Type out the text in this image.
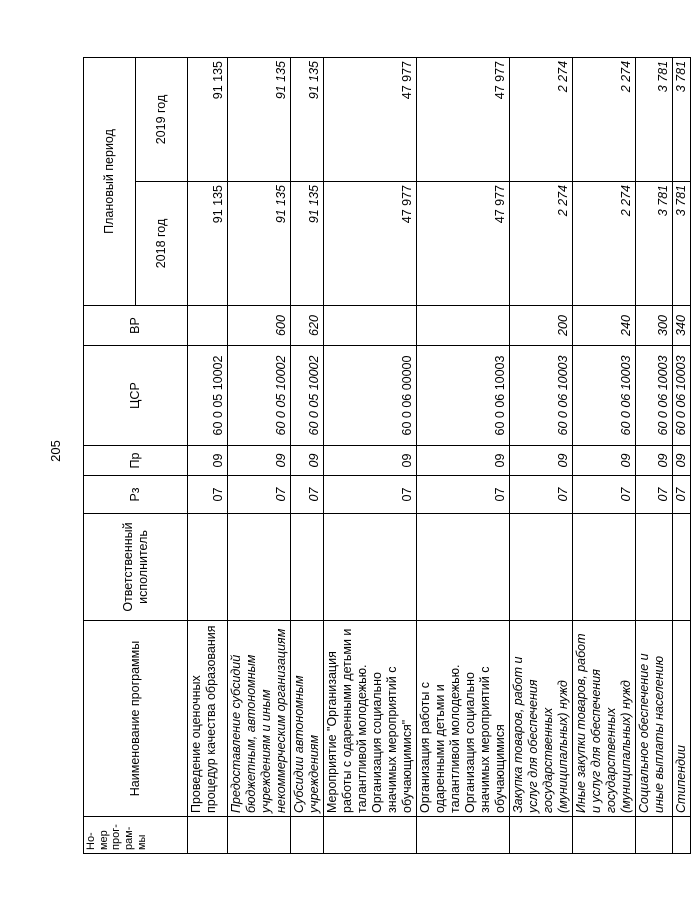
205
Но-мер прог-рам-мы	Наименование программы	Ответственный исполнитель	Рз	Пр	ЦСР	ВР	Плановый период	
							2018 год	2019 год
	Проведение оценочных процедур качества образования		07	09	60 0 05 10002		91 135	91 135
	Предоставление субсидий бюджетным, автономным учреждениям и иным некоммерческим организациям		07	09	60 0 05 10002	600	91 135	91 135
	Субсидии автономным учреждениям		07	09	60 0 05 10002	620	91 135	91 135
	Мероприятие "Организация работы с одаренными детьми и талантливой молодежью. Организация социально значимых мероприятий с обучающимися"		07	09	60 0 06 00000		47 977	47 977
	Организация работы с одаренными детьми и талантливой молодежью. Организация социально значимых мероприятий с обучающимися		07	09	60 0 06 10003		47 977	47 977
	Закупка товаров, работ и услуг для обеспечения государственных (муниципальных) нужд		07	09	60 0 06 10003	200	2 274	2 274
	Иные закупки товаров, работ и услуг для обеспечения государственных (муниципальных) нужд		07	09	60 0 06 10003	240	2 274	2 274
	Социальное обеспечение и иные выплаты населению		07	09	60 0 06 10003	300	3 781	3 781
	Стипендии		07	09	60 0 06 10003	340	3 781	3 781
